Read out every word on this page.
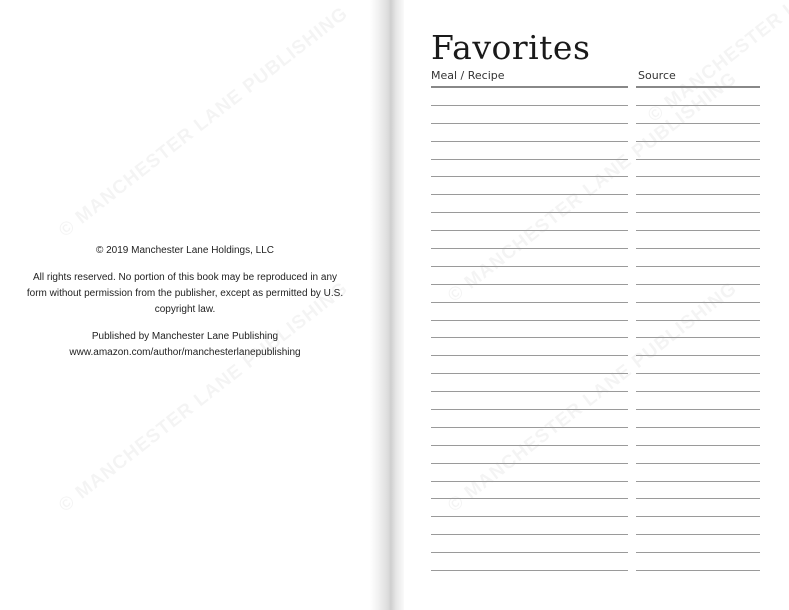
© 2019 Manchester Lane Holdings, LLC

All rights reserved. No portion of this book may be reproduced in any form without permission from the publisher, except as permitted by U.S. copyright law.

Published by Manchester Lane Publishing

www.amazon.com/author/manchesterlanepublishing

Favorites
Meal / Recipe	Source
